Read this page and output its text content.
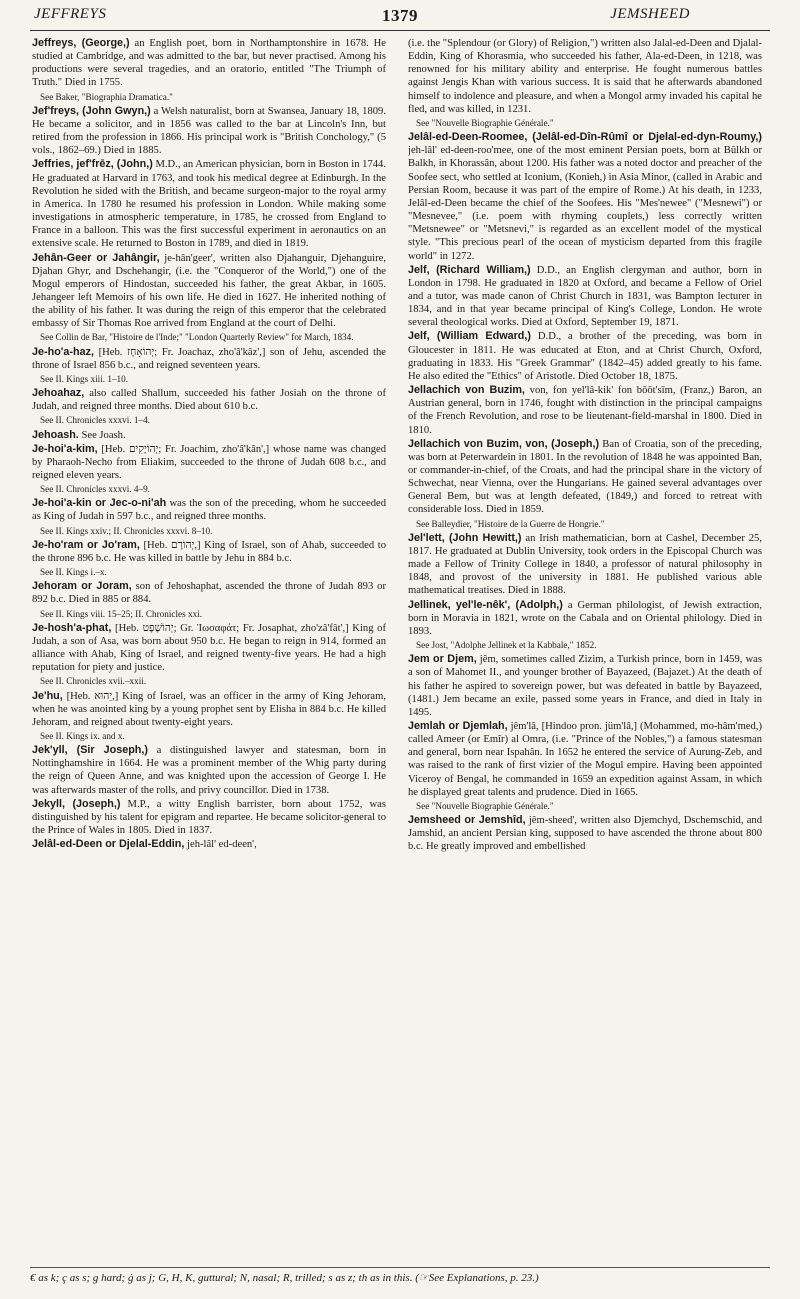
JEFFREYS	1379	JEMSHEED

Jeffreys, (George,) an English poet, born in Northamptonshire in 1678. He studied at Cambridge, and was admitted to the bar, but never practised. Among his productions were several tragedies, and an oratorio, entitled "The Triumph of Truth." Died in 1755.

See Baker, "Biographia Dramatica."

Jef'freys, (John Gwyn,) a Welsh naturalist, born at Swansea, January 18, 1809. He became a solicitor, and in 1856 was called to the bar at Lincoln's Inn, but retired from the profession in 1866. His principal work is "British Conchology," (5 vols., 1862–69.) Died in 1885.

Jeffries, jef'frēz, (John,) M.D., an American physician, born in Boston in 1744. He graduated at Harvard in 1763, and took his medical degree at Edinburgh. In the Revolution he sided with the British, and became surgeon-major to the royal army in America. In 1780 he resumed his profession in London. While making some investigations in atmospheric temperature, in 1785, he crossed from England to France in a balloon. This was the first successful experiment in aeronautics on an extensive scale. He returned to Boston in 1789, and died in 1819.

Jehân-Geer or Jahângir, je-hân'geer', written also Djahanguir, Djehanguire, Djahan Ghyr, and Dschehangir, (i.e. the "Conqueror of the World,") one of the Mogul emperors of Hindostan, succeeded his father, the great Akbar, in 1605. Jehangeer left Memoirs of his own life. He died in 1627. He inherited nothing of the ability of his father. It was during the reign of this emperor that the celebrated embassy of Sir Thomas Roe arrived from England at the court of Delhi.

See Collin de Bar, "Histoire de l'Inde;" "London Quarterly Review" for March, 1834.

Je-ho'a-haz, [Heb. יְהוֹאָחָז; Fr. Joachaz, zho'â'kâz',] son of Jehu, ascended the throne of Israel 856 b.c., and reigned seventeen years.

See II. Kings xiii. 1–10.

Jehoahaz, also called Shallum, succeeded his father Josiah on the throne of Judah, and reigned three months. Died about 610 b.c.

See II. Chronicles xxxvi. 1–4.

Jehoash. See Joash.

Je-hoi'a-kim, [Heb. יְהוֹיָקִים; Fr. Joachim, zho'â'kân',] whose name was changed by Pharaoh-Necho from Eliakim, succeeded to the throne of Judah 608 b.c., and reigned eleven years.

See II. Chronicles xxxvi. 4–9.

Je-hoi'a-kin or Jec-o-ni'ah was the son of the preceding, whom he succeeded as King of Judah in 597 b.c., and reigned three months.

See II. Kings xxiv.; II. Chronicles xxxvi. 8–10.

Je-ho'ram or Jo'ram, [Heb. יְהוֹרָם,] King of Israel, son of Ahab, succeeded to the throne 896 b.c. He was killed in battle by Jehu in 884 b.c.

See II. Kings i.–x.

Jehoram or Joram, son of Jehoshaphat, ascended the throne of Judah 893 or 892 b.c. Died in 885 or 884.

See II. Kings viii. 15–25; II. Chronicles xxi.

Je-hosh'a-phat, [Heb. יְהוֹשָׁפָט; Gr. Ἰωσαφάτ; Fr. Josaphat, zho'zâ'fât',] King of Judah, a son of Asa, was born about 950 b.c. He began to reign in 914, formed an alliance with Ahab, King of Israel, and reigned twenty-five years. He had a high reputation for piety and justice.

See II. Chronicles xvii.–xxii.

Je'hu, [Heb. יֵהוּא,] King of Israel, was an officer in the army of King Jehoram, when he was anointed king by a young prophet sent by Elisha in 884 b.c. He killed Jehoram, and reigned about twenty-eight years.

See II. Kings ix. and x.

Jek'yll, (Sir Joseph,) a distinguished lawyer and statesman, born in Nottinghamshire in 1664. He was a prominent member of the Whig party during the reign of Queen Anne, and was knighted upon the accession of George I. He was afterwards master of the rolls, and privy councillor. Died in 1738.

Jekyll, (Joseph,) M.P., a witty English barrister, born about 1752, was distinguished by his talent for epigram and repartee. He became solicitor-general to the Prince of Wales in 1805. Died in 1837.

Jelâl-ed-Deen or Djelal-Eddin, jeh-lâl' ed-deen',

(i.e. the "Splendour (or Glory) of Religion,") written also Jalal-ed-Deen and Djalal-Eddin, King of Khorasmia, who succeeded his father, Ala-ed-Deen, in 1218, was renowned for his military ability and enterprise. He fought numerous battles against Jengis Khan with various success. It is said that he afterwards abandoned himself to indolence and pleasure, and when a Mongol army invaded his capital he fled, and was killed, in 1231.

See "Nouvelle Biographie Générale."

Jelâl-ed-Deen-Roomee, (Jelâl-ed-Dîn-Rûmî or Djelal-ed-dyn-Roumy,) jeh-lâl' ed-deen-roo'mee, one of the most eminent Persian poets, born at Bûlkh or Balkh, in Khorassân, about 1200. His father was a noted doctor and preacher of the Soofee sect, who settled at Iconium, (Konieh,) in Asia Minor, (called in Arabic and Persian Room, because it was part of the empire of Rome.) At his death, in 1233, Jelâl-ed-Deen became the chief of the Soofees. His "Mes'newee" ("Mesnewi") or "Mesnevee," (i.e. poem with rhyming couplets,) less correctly written "Metsnewee" or "Metsnevi," is regarded as an excellent model of the mystical style. "This precious pearl of the ocean of mysticism departed from this fragile world" in 1272.

Jelf, (Richard William,) D.D., an English clergyman and author, born in London in 1798. He graduated in 1820 at Oxford, and became a Fellow of Oriel and a tutor, was made canon of Christ Church in 1831, was Bampton lecturer in 1834, and in that year became principal of King's College, London. He wrote several theological works. Died at Oxford, September 19, 1871.

Jelf, (William Edward,) D.D., a brother of the preceding, was born in Gloucester in 1811. He was educated at Eton, and at Christ Church, Oxford, graduating in 1833. His "Greek Grammar" (1842–45) added greatly to his fame. He also edited the "Ethics" of Aristotle. Died October 18, 1875.

Jellachich von Buzim, von, fon yel'lâ-kik' fon bōōt'sīm, (Franz,) Baron, an Austrian general, born in 1746, fought with distinction in the principal campaigns of the French Revolution, and rose to be lieutenant-field-marshal in 1800. Died in 1810.

Jellachich von Buzim, von, (Joseph,) Ban of Croatia, son of the preceding, was born at Peterwardein in 1801. In the revolution of 1848 he was appointed Ban, or commander-in-chief, of the Croats, and had the principal share in the victory of Schwechat, near Vienna, over the Hungarians. He gained several advantages over General Bem, but was at length defeated, (1849,) and forced to retreat with considerable loss. Died in 1859.

See Balleydier, "Histoire de la Guerre de Hongrie."

Jel'lett, (John Hewitt,) an Irish mathematician, born at Cashel, December 25, 1817. He graduated at Dublin University, took orders in the Episcopal Church was made a Fellow of Trinity College in 1840, a professor of natural philosophy in 1848, and provost of the university in 1881. He published various able mathematical treatises. Died in 1888.

Jellinek, yel'le-nêk', (Adolph,) a German philologist, of Jewish extraction, born in Moravia in 1821, wrote on the Cabala and on Oriental philology. Died in 1893.

See Jost, "Adolphe Jellinek et la Kabbale," 1852.

Jem or Djem, jêm, sometimes called Zizim, a Turkish prince, born in 1459, was a son of Mahomet II., and younger brother of Bayazeed, (Bajazet.) At the death of his father he aspired to sovereign power, but was defeated in battle by Bayazeed, (1481.) Jem became an exile, passed some years in France, and died in Italy in 1495.

Jemlah or Djemlah, jêm'lâ, [Hindoo pron. jüm'lâ,] (Mohammed, mo-hâm'med,) called Ameer (or Emîr) al Omra, (i.e. "Prince of the Nobles,") a famous statesman and general, born near Ispahân. In 1652 he entered the service of Aurung-Zeb, and was raised to the rank of first vizier of the Mogul empire. Having been appointed Viceroy of Bengal, he commanded in 1659 an expedition against Assam, in which he displayed great talents and prudence. Died in 1665.

See "Nouvelle Biographie Générale."

Jemsheed or Jemshîd, jêm-sheed', written also Djemchyd, Dschemschid, and Jamshid, an ancient Persian king, supposed to have ascended the throne about 800 b.c. He greatly improved and embellished

€ as k; ç as s; g hard; ġ as j; G, H, K, guttural; N, nasal; R, trilled; s as z; th as in this. (☞See Explanations, p. 23.)
